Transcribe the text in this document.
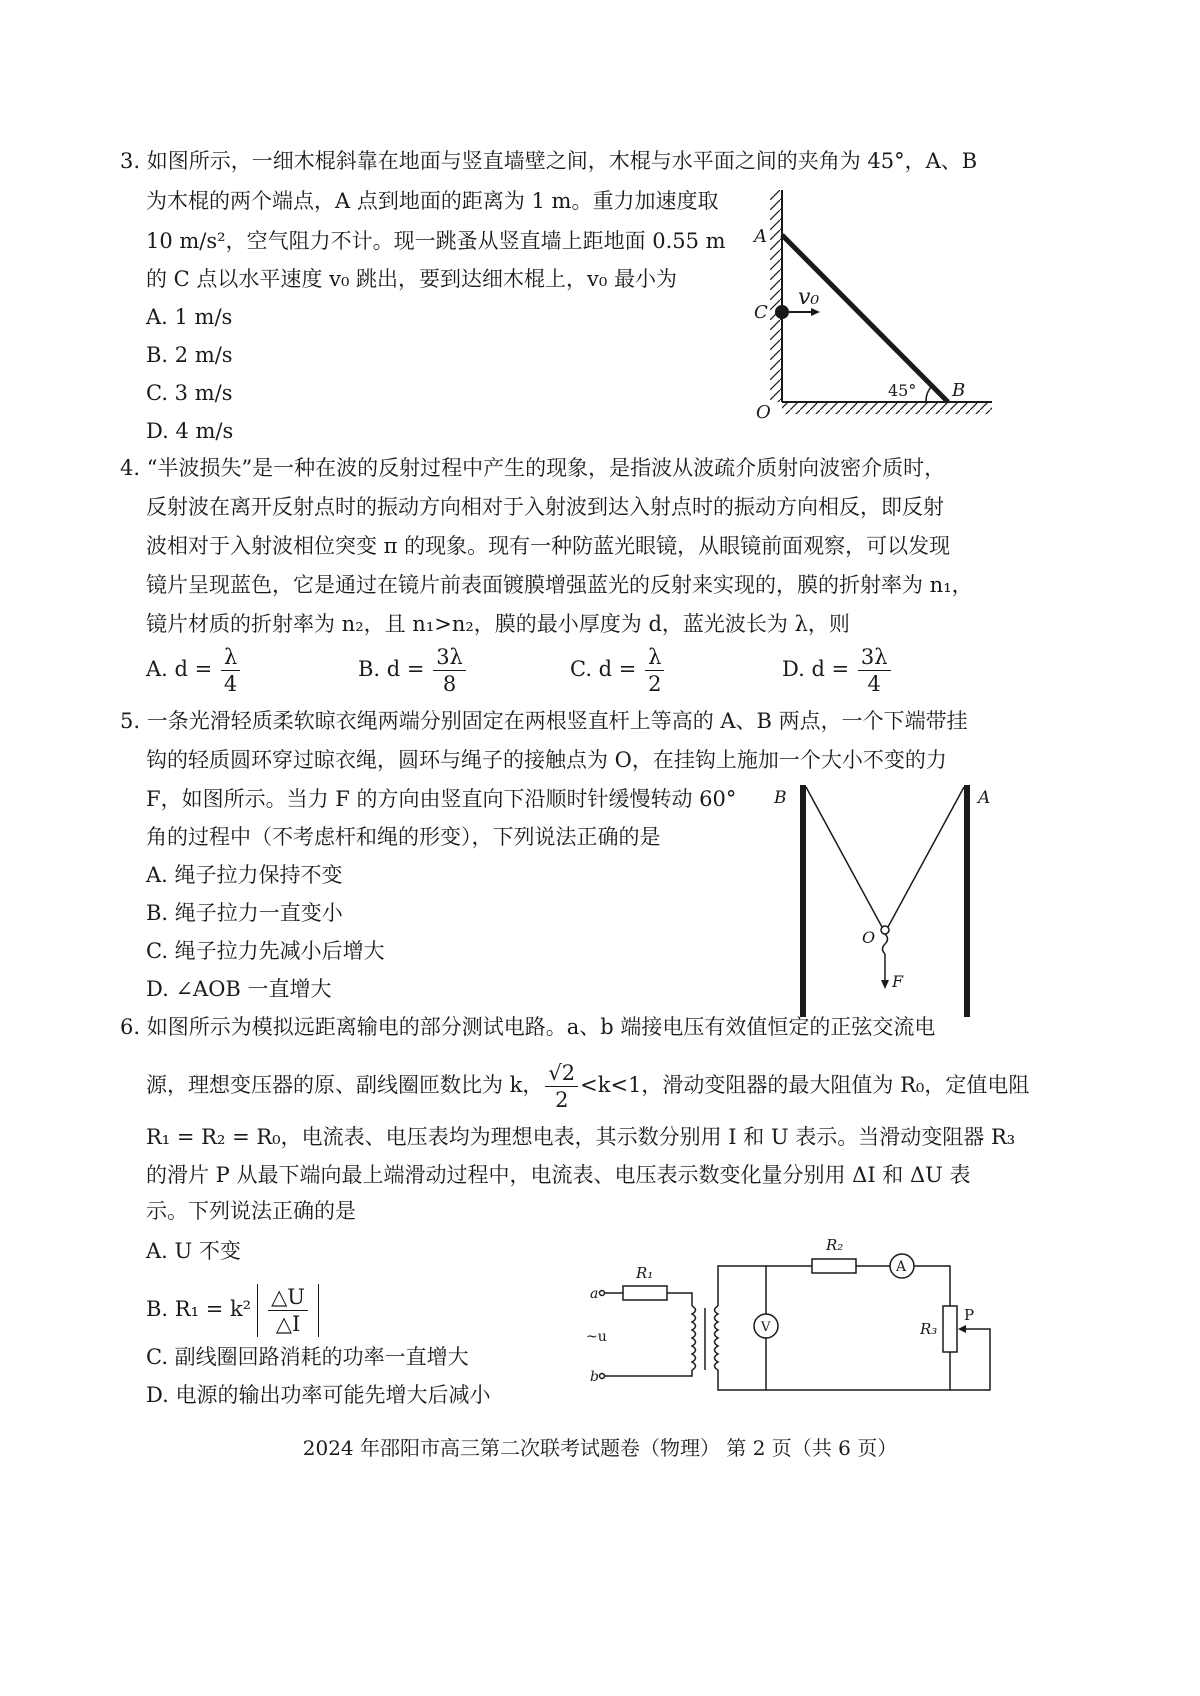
3. 如图所示，一细木棍斜靠在地面与竖直墙壁之间，木棍与水平面之间的夹角为 45°，A、B
为木棍的两个端点，A 点到地面的距离为 1 m。重力加速度取
10 m/s²，空气阻力不计。现一跳蚤从竖直墙上距地面 0.55 m
的 C 点以水平速度 v₀ 跳出，要到达细木棍上，v₀ 最小为
A. 1 m/s
B. 2 m/s
C. 3 m/s
D. 4 m/s
A
C
v₀
O
B
45°
4. “半波损失”是一种在波的反射过程中产生的现象，是指波从波疏介质射向波密介质时，
反射波在离开反射点时的振动方向相对于入射波到达入射点时的振动方向相反，即反射
波相对于入射波相位突变 π 的现象。现有一种防蓝光眼镜，从眼镜前面观察，可以发现
镜片呈现蓝色，它是通过在镜片前表面镀膜增强蓝光的反射来实现的，膜的折射率为 n₁，
镜片材质的折射率为 n₂，且 n₁>n₂，膜的最小厚度为 d，蓝光波长为 λ，则
A. $d = \frac{\lambda}{4}$	B. $d = \frac{3\lambda}{8}$	C. $d = \frac{\lambda}{2}$	D. $d = \frac{3\lambda}{4}$
5. 一条光滑轻质柔软晾衣绳两端分别固定在两根竖直杆上等高的 A、B 两点，一个下端带挂
钩的轻质圆环穿过晾衣绳，圆环与绳子的接触点为 O，在挂钩上施加一个大小不变的力
F，如图所示。当力 F 的方向由竖直向下沿顺时针缓慢转动 60°
角的过程中（不考虑杆和绳的形变），下列说法正确的是
A. 绳子拉力保持不变
B. 绳子拉力一直变小
C. 绳子拉力先减小后增大
D. ∠AOB 一直增大
B	A
O
F
6. 如图所示为模拟远距离输电的部分测试电路。a、b 端接电压有效值恒定的正弦交流电
源，理想变压器的原、副线圈匝数比为 k， $\frac{√2}{2} <k<1$，滑动变阻器的最大阻值为 R₀，定值电阻
R₁ = R₂ = R₀，电流表、电压表均为理想电表，其示数分别用 I 和 U 表示。当滑动变阻器 R₃
的滑片 P 从最下端向最上端滑动过程中，电流表、电压表示数变化量分别用 ΔI 和 ΔU 表
示。下列说法正确的是
A. U 不变
B. $R_1 = k^2 \frac{\triangle U}{\triangle I}$
C. 副线圈回路消耗的功率一直增大
D. 电源的输出功率可能先增大后减小
a
b
~u
R₁
R₂
R₃
P
A
V
2024 年邵阳市高三第二次联考试题卷（物理） 第 2 页（共 6 页）
